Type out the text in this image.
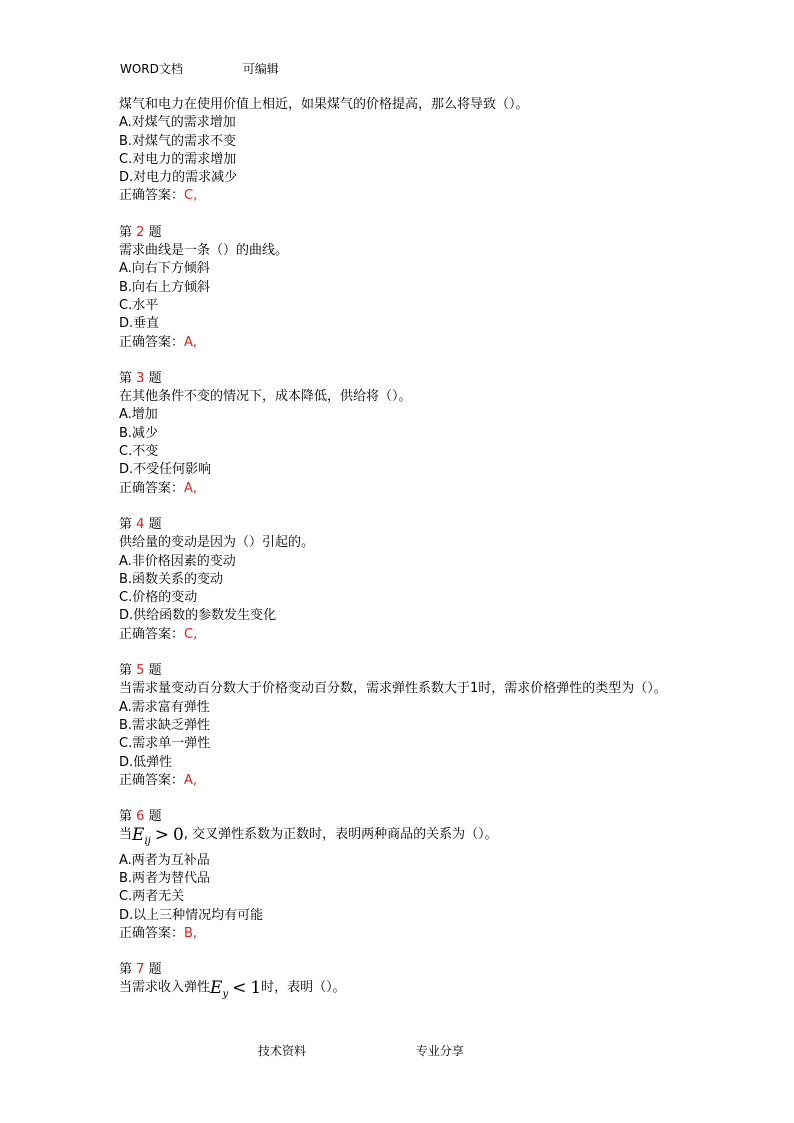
WORD文档	可编辑
煤气和电力在使用价值上相近，如果煤气的价格提高，那么将导致（）。
A.对煤气的需求增加
B.对煤气的需求不变
C.对电力的需求增加
D.对电力的需求减少
正确答案：C,
第 2 题
需求曲线是一条（）的曲线。
A.向右下方倾斜
B.向右上方倾斜
C.水平
D.垂直
正确答案：A,
第 3 题
在其他条件不变的情况下，成本降低，供给将（）。
A.增加
B.减少
C.不变
D.不受任何影响
正确答案：A,
第 4 题
供给量的变动是因为（）引起的。
A.非价格因素的变动
B.函数关系的变动
C.价格的变动
D.供给函数的参数发生变化
正确答案：C,
第 5 题
当需求量变动百分数大于价格变动百分数，需求弹性系数大于1时，需求价格弹性的类型为（）。
A.需求富有弹性
B.需求缺乏弹性
C.需求单一弹性
D.低弹性
正确答案：A,
第 6 题
当$E_{ij} > 0$, 交叉弹性系数为正数时，表明两种商品的关系为（）。
A.两者为互补品
B.两者为替代品
C.两者无关
D.以上三种情况均有可能
正确答案：B,
第 7 题
当需求收入弹性$E_y < 1$时，表明（）。
技术资料	专业分享
